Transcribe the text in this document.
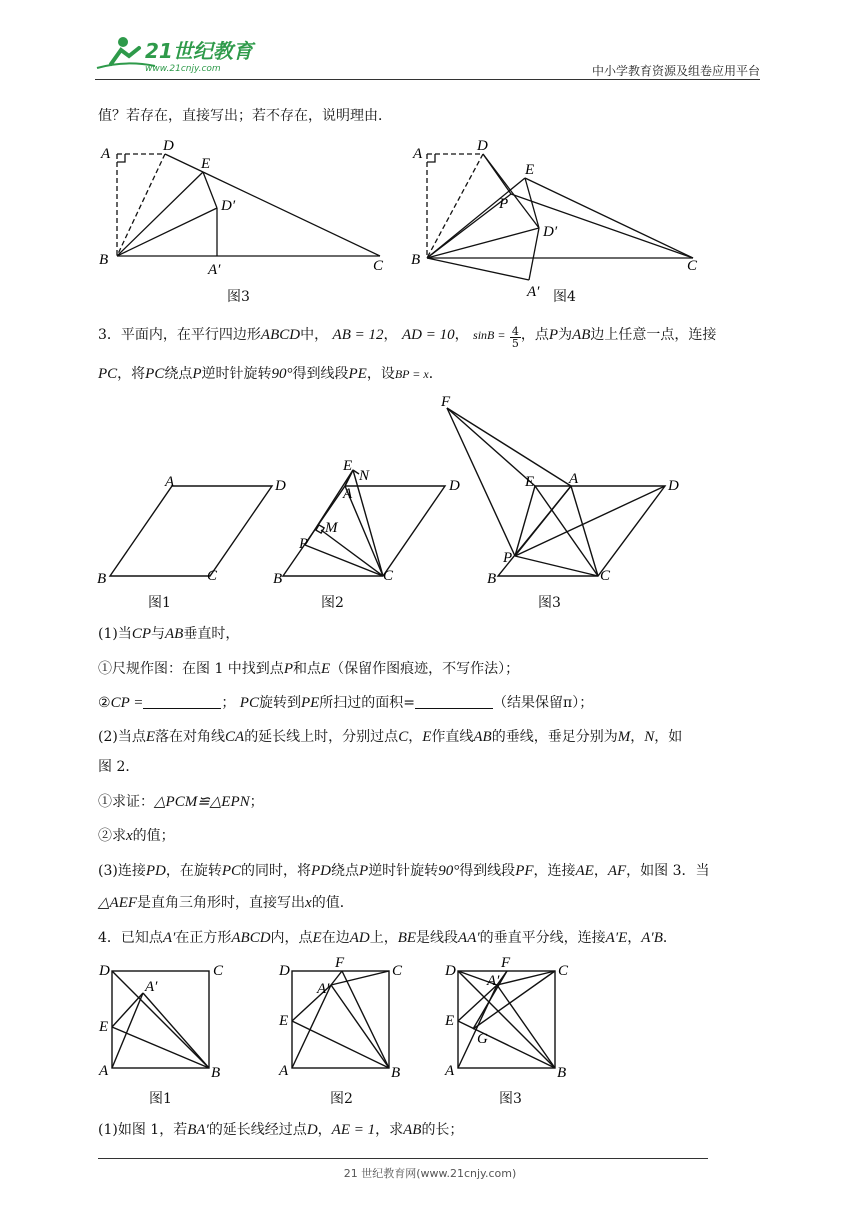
21世纪教育
www.21cnjy.com	中小学教育资源及组卷应用平台
值？若存在，直接写出；若不存在，说明理由．
A	D
E
D′
B
A′	C
图3
A	D
E
P
D′
B
A′
C
图4
3．平面内，在平行四边形ABCD中， AB = 12， AD = 10， $\sin B = \frac{4}{5}$ ，点P为AB边上任意一点，连接
PC，将PC绕点P逆时针旋转90°得到线段PE，设BP = x．
B	C
D
A
B	C
D
A
E
N
M
P
B	C
D
A
E
F
P
图1	图2	图3
(1)当CP与AB垂直时，
①尺规作图：在图 1 中找到点P和点E（保留作图痕迹，不写作法）；
②CP =	； PC旋转到PE所扫过的面积=	（结果保留π）；
(2)当点E落在对角线CA的延长线上时，分别过点C，E作直线AB的垂线，垂足分别为M，N，如
图 2．
①求证：△PCM≌△EPN；
②求x的值；
(3)连接PD，在旋转PC的同时，将PD绕点P逆时针旋转90°得到线段PF，连接AE，AF，如图 3．当
△AEF是直角三角形时，直接写出x的值．
4．已知点A′在正方形ABCD内，点E在边AD上，BE是线段AA′的垂直平分线，连接A′E，A′B．
D	C
A	B
E
A′
D	C
A	B
E
A′
F	D	C
A	B
E
A′
F
G
图1	图2	图3
(1)如图 1，若BA′的延长线经过点D，AE = 1，求AB的长；
21 世纪教育网(www.21cnjy.com)
